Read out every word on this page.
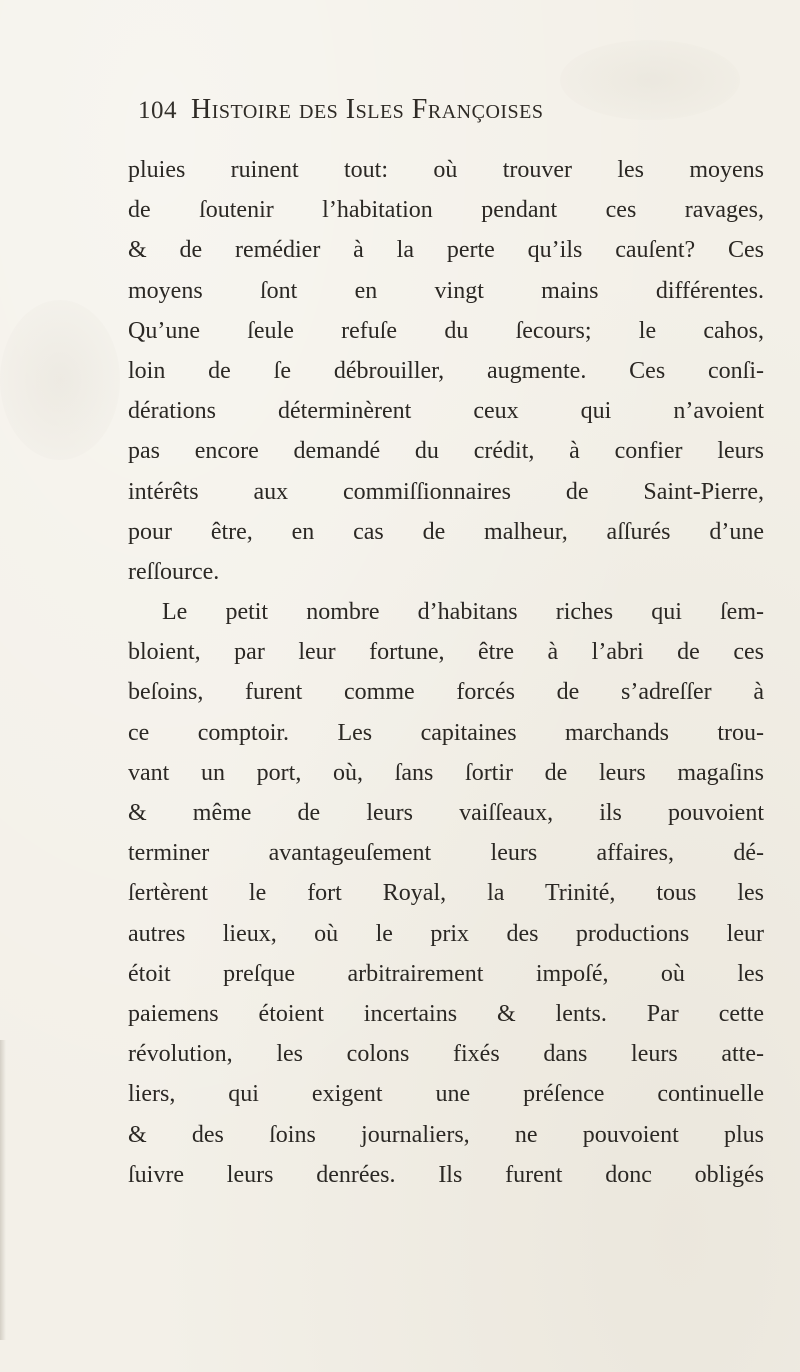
104 Histoire des Isles Françoises
pluies ruinent tout: où trouver les moyens
de ſoutenir l’habitation pendant ces ravages,
& de remédier à la perte qu’ils cauſent? Ces
moyens ſont en vingt mains différentes.
Qu’une ſeule refuſe du ſecours; le cahos,
loin de ſe débrouiller, augmente. Ces conſi-
dérations déterminèrent ceux qui n’avoient
pas encore demandé du crédit, à confier leurs
intérêts aux commiſſionnaires de Saint-Pierre,
pour être, en cas de malheur, aſſurés d’une
reſſource.
Le petit nombre d’habitans riches qui ſem-
bloient, par leur fortune, être à l’abri de ces
beſoins, furent comme forcés de s’adreſſer à
ce comptoir. Les capitaines marchands trou-
vant un port, où, ſans ſortir de leurs magaſins
& même de leurs vaiſſeaux, ils pouvoient
terminer avantageuſement leurs affaires, dé-
ſertèrent le fort Royal, la Trinité, tous les
autres lieux, où le prix des productions leur
étoit preſque arbitrairement impoſé, où les
paiemens étoient incertains & lents. Par cette
révolution, les colons fixés dans leurs atte-
liers, qui exigent une préſence continuelle
& des ſoins journaliers, ne pouvoient plus
ſuivre leurs denrées. Ils furent donc obligés
